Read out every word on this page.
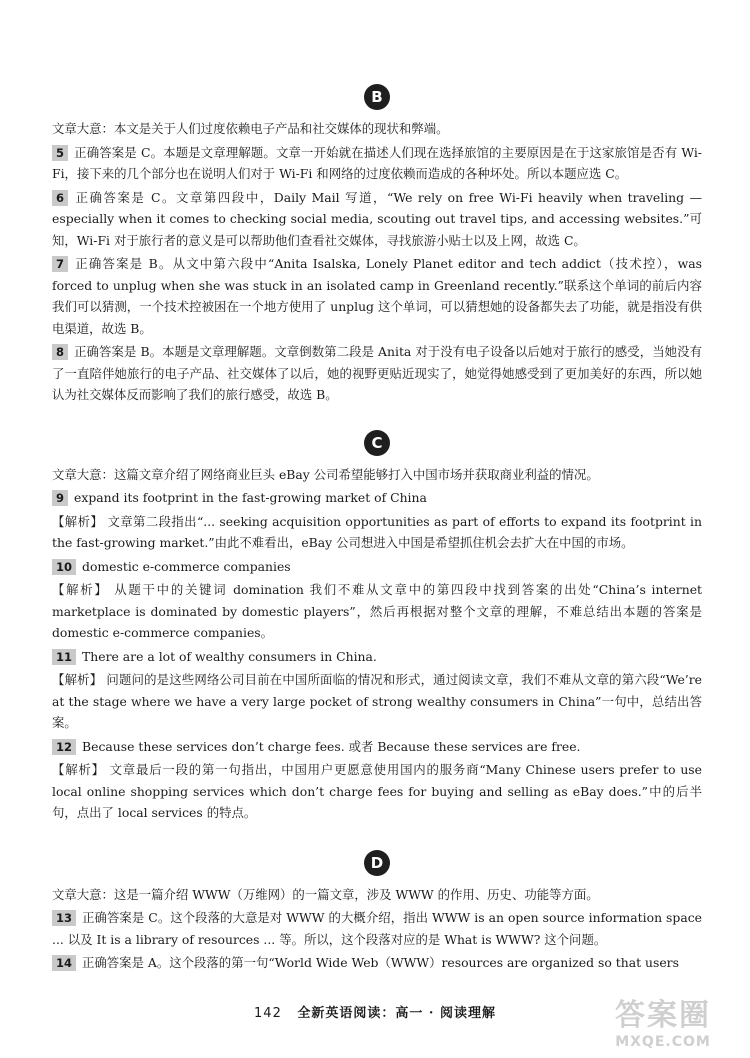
B

文章大意：本文是关于人们过度依赖电子产品和社交媒体的现状和弊端。

5 正确答案是 C。本题是文章理解题。文章一开始就在描述人们现在选择旅馆的主要原因是在于这家旅馆是否有 Wi-Fi，接下来的几个部分也在说明人们对于 Wi-Fi 和网络的过度依赖而造成的各种坏处。所以本题应选 C。

6 正确答案是 C。文章第四段中，Daily Mail 写道，“We rely on free Wi-Fi heavily when traveling — especially when it comes to checking social media, scouting out travel tips, and accessing websites.”可知，Wi-Fi 对于旅行者的意义是可以帮助他们查看社交媒体，寻找旅游小贴士以及上网，故选 C。

7 正确答案是 B。从文中第六段中“Anita Isalska, Lonely Planet editor and tech addict（技术控），was forced to unplug when she was stuck in an isolated camp in Greenland recently.”联系这个单词的前后内容我们可以猜测，一个技术控被困在一个地方使用了 unplug 这个单词，可以猜想她的设备都失去了功能，就是指没有供电渠道，故选 B。

8 正确答案是 B。本题是文章理解题。文章倒数第二段是 Anita 对于没有电子设备以后她对于旅行的感受，当她没有了一直陪伴她旅行的电子产品、社交媒体了以后，她的视野更贴近现实了，她觉得她感受到了更加美好的东西，所以她认为社交媒体反而影响了我们的旅行感受，故选 B。

C

文章大意：这篇文章介绍了网络商业巨头 eBay 公司希望能够打入中国市场并获取商业利益的情况。

9 expand its footprint in the fast-growing market of China

【解析】 文章第二段指出“... seeking acquisition opportunities as part of efforts to expand its footprint in the fast-growing market.”由此不难看出，eBay 公司想进入中国是希望抓住机会去扩大在中国的市场。

10 domestic e-commerce companies

【解析】 从题干中的关键词 domination 我们不难从文章中的第四段中找到答案的出处“China’s internet marketplace is dominated by domestic players”，然后再根据对整个文章的理解，不难总结出本题的答案是 domestic e-commerce companies。

11 There are a lot of wealthy consumers in China.

【解析】 问题问的是这些网络公司目前在中国所面临的情况和形式，通过阅读文章，我们不难从文章的第六段“We’re at the stage where we have a very large pocket of strong wealthy consumers in China”一句中，总结出答案。

12 Because these services don’t charge fees. 或者 Because these services are free.

【解析】 文章最后一段的第一句指出，中国用户更愿意使用国内的服务商“Many Chinese users prefer to use local online shopping services which don’t charge fees for buying and selling as eBay does.”中的后半句，点出了 local services 的特点。

D

文章大意：这是一篇介绍 WWW（万维网）的一篇文章，涉及 WWW 的作用、历史、功能等方面。

13 正确答案是 C。这个段落的大意是对 WWW 的大概介绍，指出 WWW is an open source information space ... 以及 It is a library of resources ... 等。所以，这个段落对应的是 What is WWW? 这个问题。

14 正确答案是 A。这个段落的第一句“World Wide Web（WWW）resources are organized so that users

142 全新英语阅读：高一 · 阅读理解	答案圈
MXQE.COM
